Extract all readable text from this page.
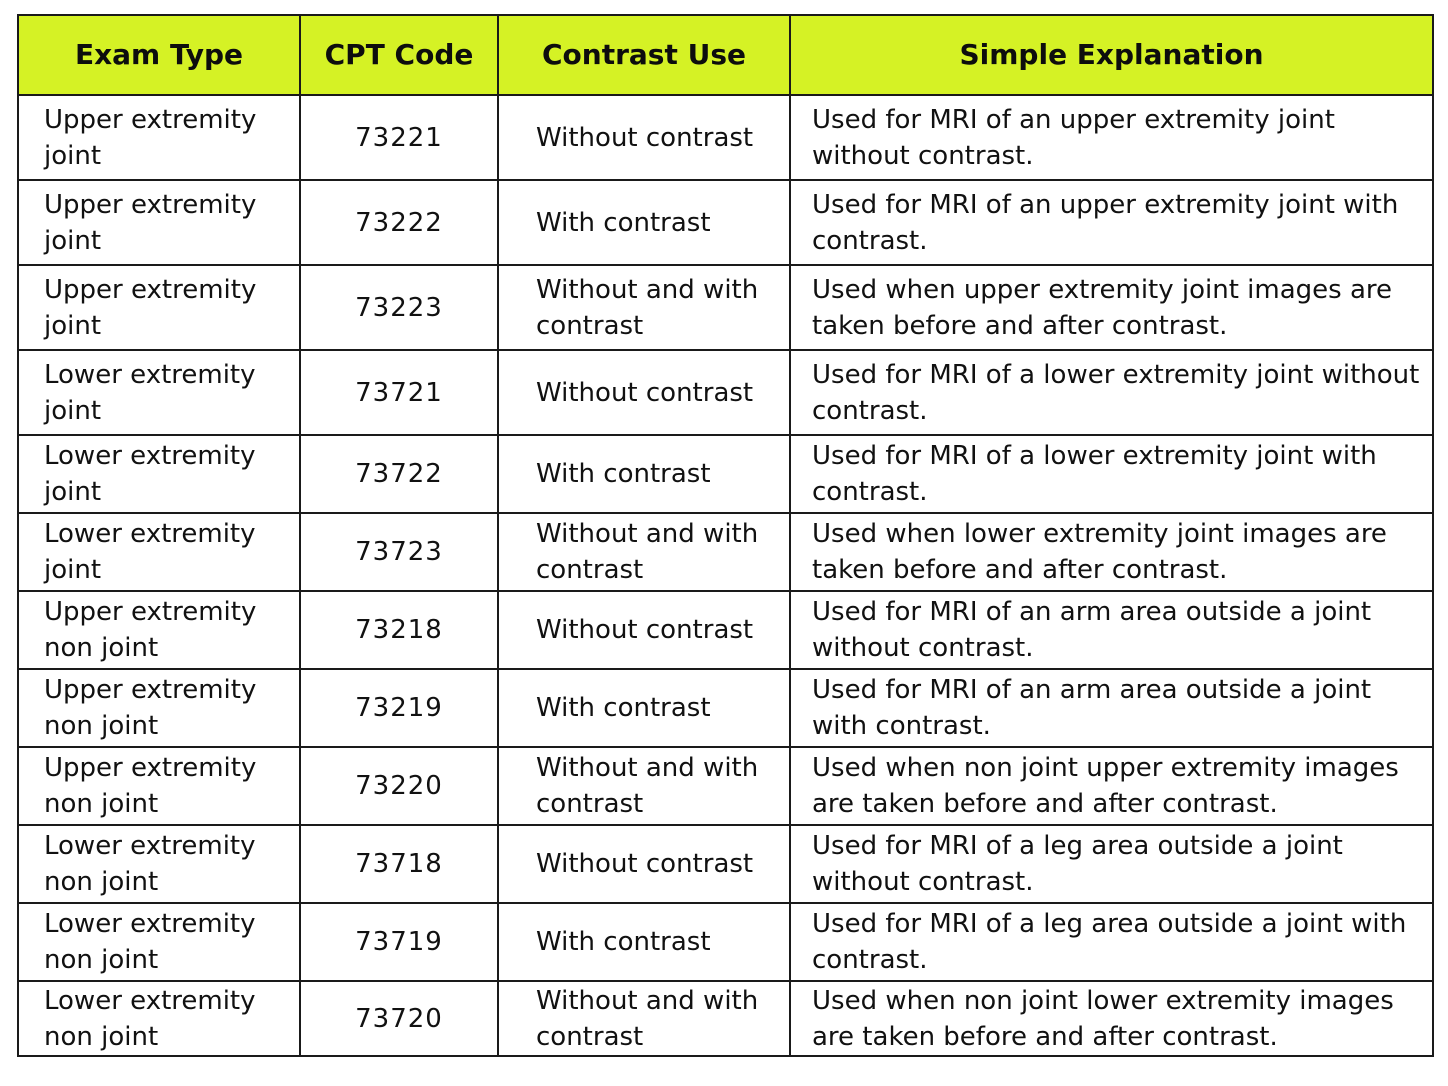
Exam Type	CPT Code	Contrast Use	Simple Explanation
Upper extremity joint	73221	Without contrast	Used for MRI of an upper extremity joint without contrast.
Upper extremity joint	73222	With contrast	Used for MRI of an upper extremity joint with contrast.
Upper extremity joint	73223	Without and with contrast	Used when upper extremity joint images are taken before and after contrast.
Lower extremity joint	73721	Without contrast	Used for MRI of a lower extremity joint without contrast.
Lower extremity joint	73722	With contrast	Used for MRI of a lower extremity joint with contrast.
Lower extremity joint	73723	Without and with contrast	Used when lower extremity joint images are taken before and after contrast.
Upper extremity non joint	73218	Without contrast	Used for MRI of an arm area outside a joint without contrast.
Upper extremity non joint	73219	With contrast	Used for MRI of an arm area outside a joint with contrast.
Upper extremity non joint	73220	Without and with contrast	Used when non joint upper extremity images are taken before and after contrast.
Lower extremity non joint	73718	Without contrast	Used for MRI of a leg area outside a joint without contrast.
Lower extremity non joint	73719	With contrast	Used for MRI of a leg area outside a joint with contrast.
Lower extremity non joint	73720	Without and with contrast	Used when non joint lower extremity images are taken before and after contrast.
